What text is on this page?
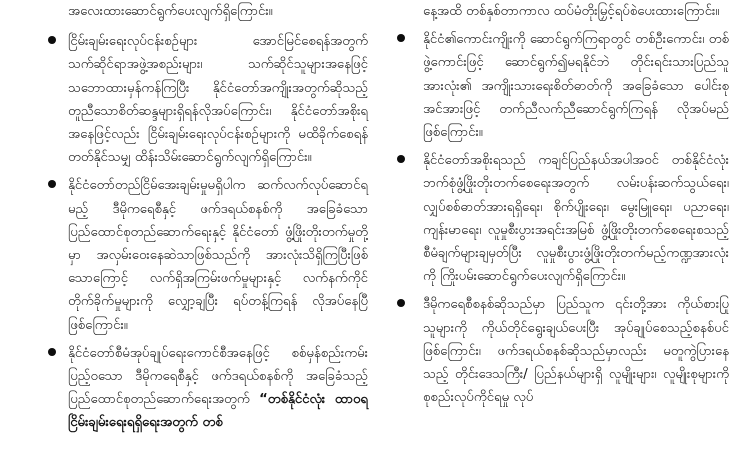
အလေးထားဆောင်ရွက်ပေးလျက်ရှိကြောင်း။

ငြိမ်းချမ်းရေးလုပ်ငန်းစဉ်များ အောင်မြင်စေရန်အတွက် သက်ဆိုင်ရာအဖွဲ့အစည်းများ၊ သက်ဆိုင်သူများအနေဖြင့် သဘောထားမှန်ကန်ကြပြီး နိုင်ငံတော်အကျိုးအတွက်ဆိုသည့် တူညီသောစိတ်ဆန္ဒများရှိရန်လိုအပ်ကြောင်း၊ နိုင်ငံတော်အစိုးရအနေဖြင့်လည်း ငြိမ်းချမ်းရေးလုပ်ငန်းစဉ်များကို မထိခိုက်စေရန် တတ်နိုင်သမျှ ထိန်းသိမ်းဆောင်ရွက်လျက်ရှိကြောင်း။
နိုင်ငံတော်တည်ငြိမ်အေးချမ်းမှုမရှိပါက ဆက်လက်လုပ်ဆောင်ရမည့် ဒီမိုကရေစီနှင့် ဖက်ဒရယ်စနစ်ကို အခြေခံသော ပြည်ထောင်စုတည်ဆောက်ရေးနှင့် နိုင်ငံတော် ဖွံ့ဖြိုးတိုးတက်မှုတို့မှာ အလှမ်းဝေးနေဆဲသာဖြစ်သည်ကို အားလုံးသိရှိကြပြီးဖြစ်သောကြောင့် လက်ရှိအကြမ်းဖက်မှုများနှင့် လက်နက်ကိုင်တိုက်ခိုက်မှုများကို လျှော့ချပြီး ရပ်တန့်ကြရန် လိုအပ်နေပြီဖြစ်ကြောင်း။
နိုင်ငံတော်စီမံအုပ်ချုပ်ရေးကောင်စီအနေဖြင့် စစ်မှန်စည်းကမ်းပြည့်ဝသော ဒီမိုကရေစီနှင့် ဖက်ဒရယ်စနစ်ကို အခြေခံသည့် ပြည်ထောင်စုတည်ဆောက်ရေးအတွက် “တစ်နိုင်ငံလုံး ထာဝရငြိမ်းချမ်းရေးရရှိရေးအတွက် တစ်

နေ့အထိ တစ်နှစ်တာကာလ ထပ်မံတိုးမြှင့်ရပ်စဲပေးထားကြောင်း။

နိုင်ငံ၏ကောင်းကျိုးကို ဆောင်ရွက်ကြရာတွင် တစ်ဦးကောင်း၊ တစ်ဖွဲ့ကောင်းဖြင့် ဆောင်ရွက်၍မရနိုင်ဘဲ တိုင်းရင်းသားပြည်သူအားလုံး၏ အကျိုးသားရေးစိတ်ဓာတ်ကို အခြေခံသော ပေါင်းစုအင်အားဖြင့် တက်ညီလက်ညီဆောင်ရွက်ကြရန် လိုအပ်မည်ဖြစ်ကြောင်း။
နိုင်ငံတော်အစိုးရသည် ကချင်ပြည်နယ်အပါအဝင် တစ်နိုင်ငံလုံး ဘက်စုံဖွံ့ဖြိုးတိုးတက်စေရေးအတွက် လမ်းပန်းဆက်သွယ်ရေး၊ လျှပ်စစ်ဓာတ်အားရရှိရေး၊ စိုက်ပျိုးရေး၊ မွေးမြူရေး၊ ပညာရေး၊ ကျန်းမာရေး၊ လူမှုစီးပွားအရင်းအမြစ် ဖွံ့ဖြိုးတိုးတက်စေရေးစသည့် စီမံချက်များချမှတ်ပြီး လူမှုစီးပွားဖွံ့ဖြိုးတိုးတက်မည့်ကဏ္ဍအားလုံးကို ကြိုးပမ်းဆောင်ရွက်ပေးလျက်ရှိကြောင်း။
ဒီမိုကရေစီစနစ်ဆိုသည်မှာ ပြည်သူက ၎င်းတို့အား ကိုယ်စားပြုသူများကို ကိုယ်တိုင်ရွေးချယ်ပေးပြီး အုပ်ချုပ်စေသည့်စနစ်ပင်ဖြစ်ကြောင်း၊ ဖက်ဒရယ်စနစ်ဆိုသည်မှာလည်း မတူကွဲပြားနေသည့် တိုင်းဒေသကြီး/ ပြည်နယ်များရှိ လူမျိုးများ၊ လူမျိုးစုများကို စုစည်းလုပ်ကိုင်ရမှု လုပ်
